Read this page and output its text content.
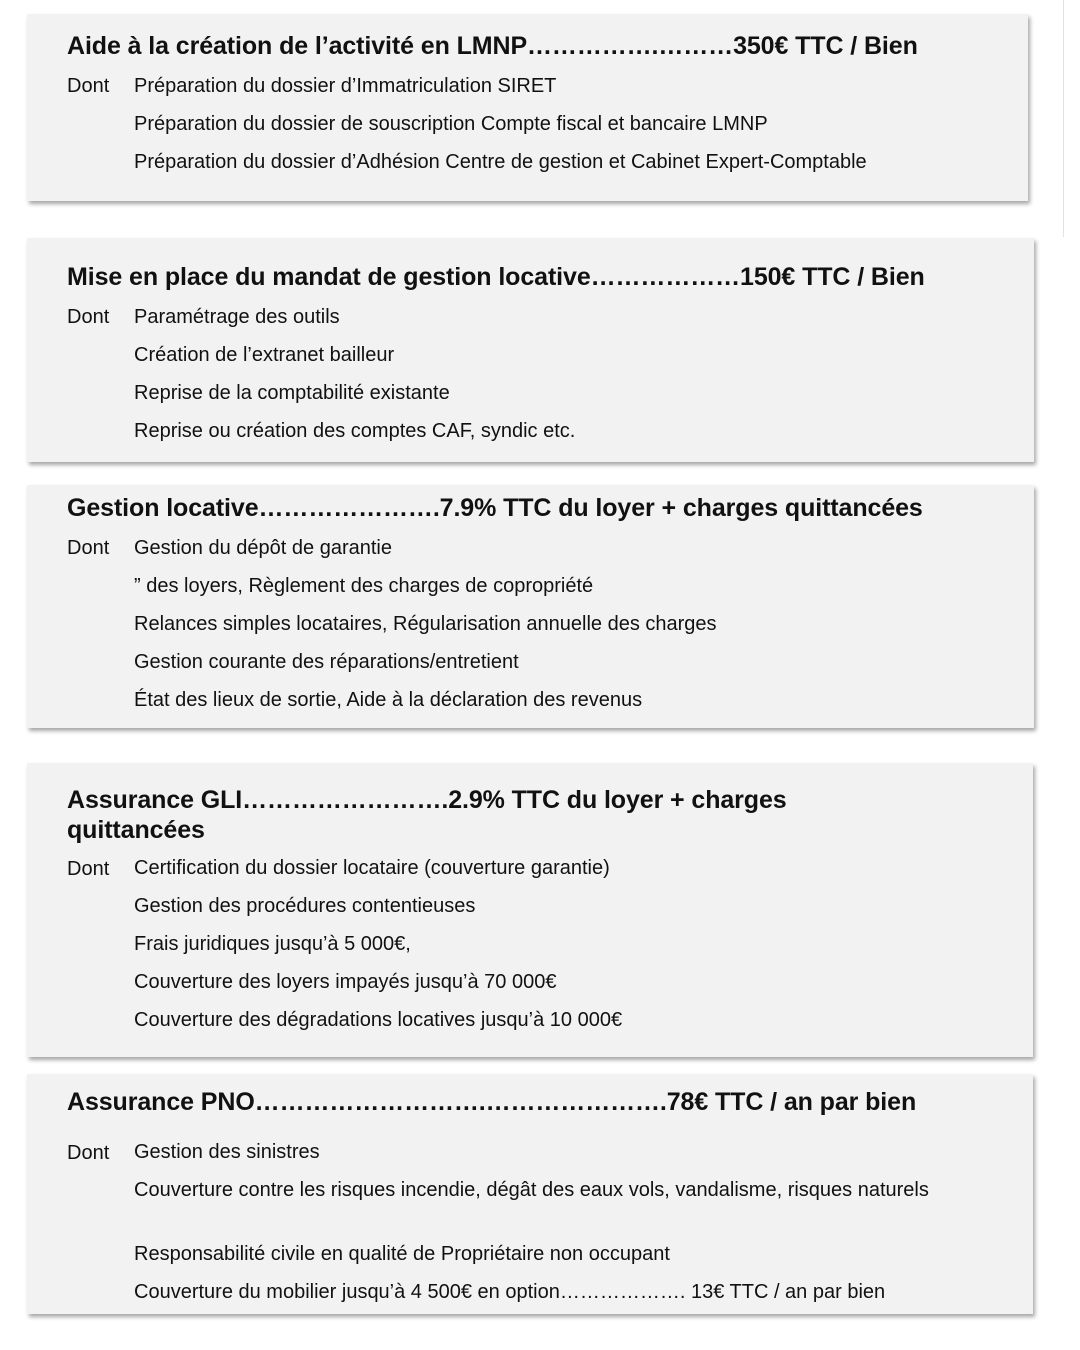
Aide à la création de l’activité en LMNP…………….………350€ TTC / Bien
Dont Préparation du dossier d’Immatriculation SIRET
Préparation du dossier de souscription Compte fiscal et bancaire LMNP
Préparation du dossier d’Adhésion Centre de gestion et Cabinet Expert-Comptable
Mise en place du mandat de gestion locative………………150€ TTC / Bien
Dont Paramétrage des outils
Création de l’extranet bailleur
Reprise de la comptabilité existante
Reprise ou création des comptes CAF, syndic etc.
Gestion locative………………….7.9% TTC du loyer + charges quittancées
Dont Gestion du dépôt de garantie
” des loyers, Règlement des charges de copropriété
Relances simples locataires, Régularisation annuelle des charges
Gestion courante des réparations/entretient
État des lieux de sortie, Aide à la déclaration des revenus
Assurance GLI…………………….2.9% TTC du loyer + charges quittancées
Dont Certification du dossier locataire (couverture garantie)
Gestion des procédures contentieuses
Frais juridiques jusqu’à 5 000€,
Couverture des loyers impayés jusqu’à 70 000€
Couverture des dégradations locatives jusqu’à 10 000€
Assurance PNO……………………….………………….78€ TTC / an par bien
Dont Gestion des sinistres
Couverture contre les risques incendie, dégât des eaux vols, vandalisme, risques naturels
Responsabilité civile en qualité de Propriétaire non occupant
Couverture du mobilier jusqu’à 4 500€ en option………………. 13€ TTC / an par bien
